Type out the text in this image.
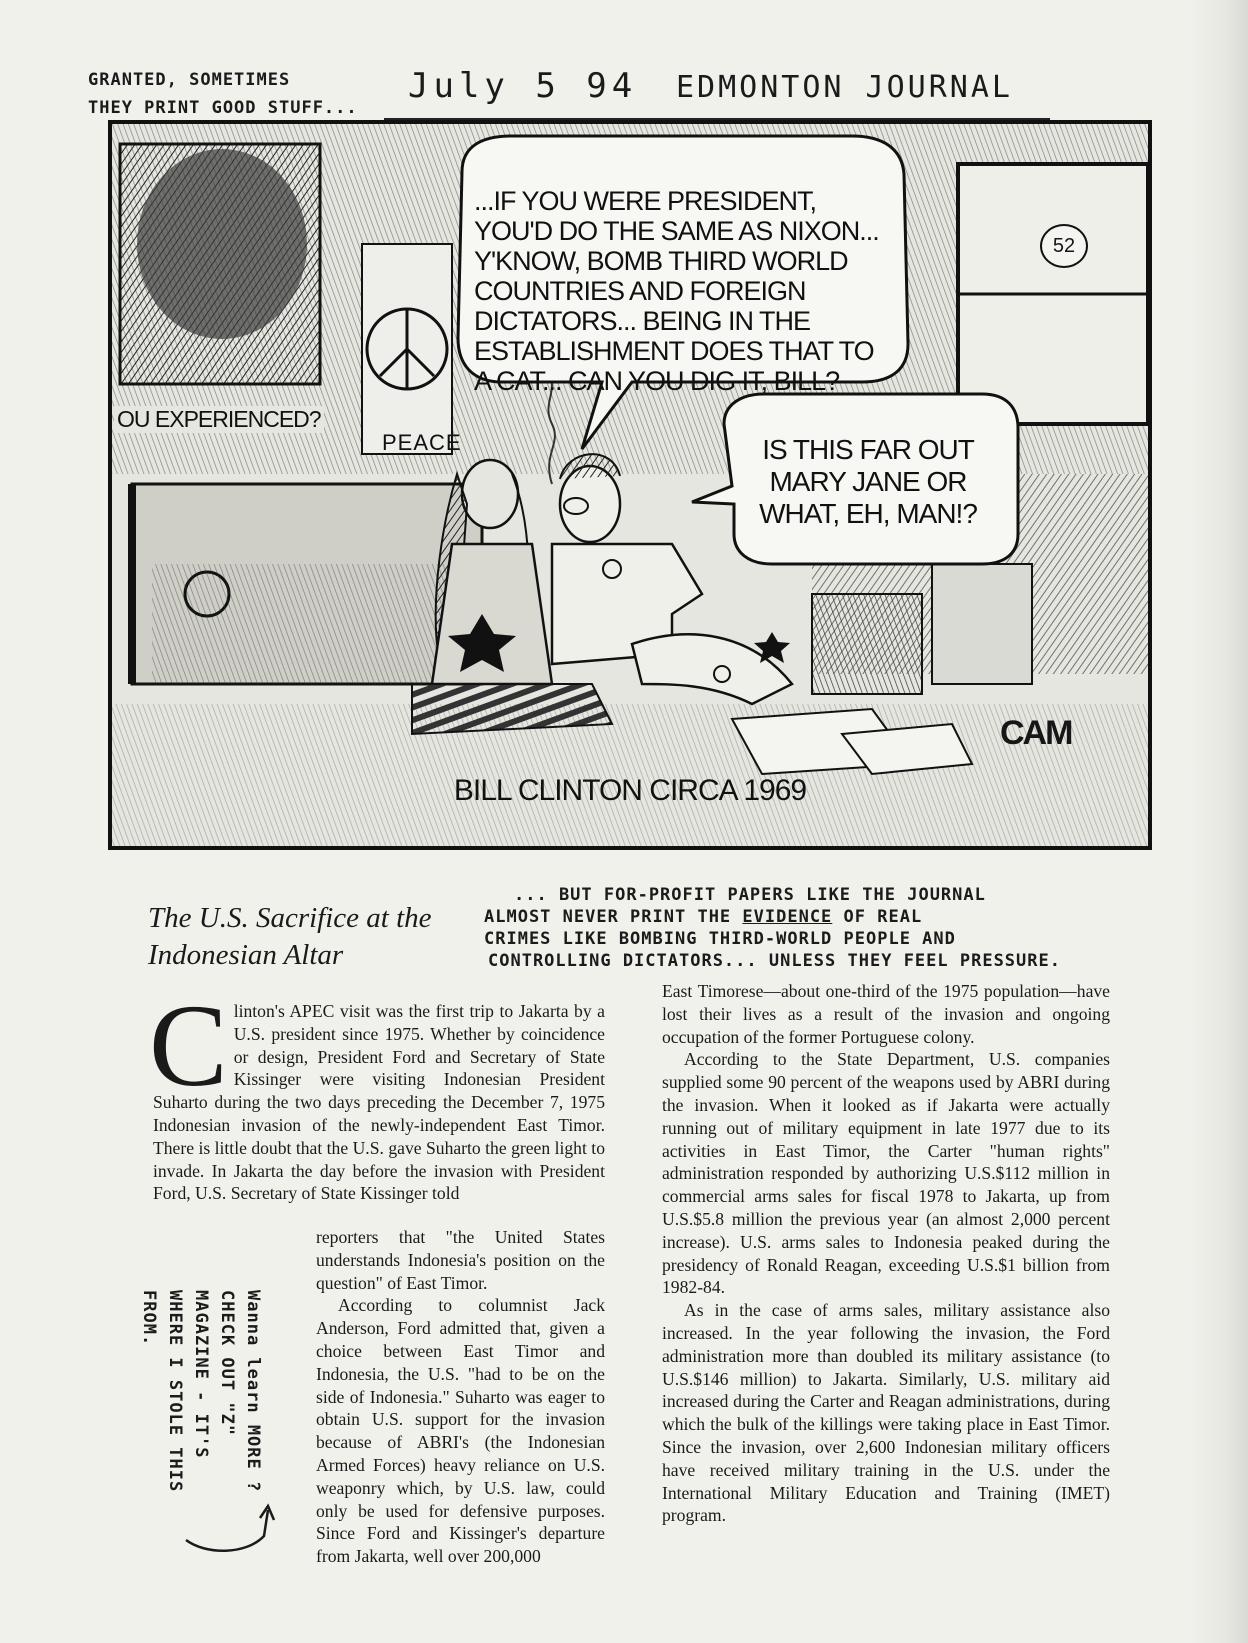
GRANTED, SOMETIMES
THEY PRINT GOOD STUFF...
July 5 94 EDMONTON JOURNAL
...IF YOU WERE PRESIDENT, YOU'D DO THE SAME AS NIXON... Y'KNOW, BOMB THIRD WORLD COUNTRIES AND FOREIGN DICTATORS... BEING IN THE ESTABLISHMENT DOES THAT TO A CAT... CAN YOU DIG IT, BILL?
IS THIS FAR OUT MARY JANE OR WHAT, EH, MAN!?
OU EXPERIENCED?
PEACE
52
CAM
BILL CLINTON CIRCA 1969
The U.S. Sacrifice at the Indonesian Altar
... BUT FOR-PROFIT PAPERS LIKE THE JOURNAL
ALMOST NEVER PRINT THE EVIDENCE OF REAL
CRIMES LIKE BOMBING THIRD-WORLD PEOPLE AND
CONTROLLING DICTATORS... UNLESS THEY FEEL PRESSURE.
C linton's APEC visit was the first trip to Jakarta by a U.S. president since 1975. Whether by coincidence or design, President Ford and Secretary of State Kissinger were visiting Indonesian President Suharto during the two days preceding the December 7, 1975 Indonesian invasion of the newly-independent East Timor. There is little doubt that the U.S. gave Suharto the green light to invade. In Jakarta the day before the invasion with President Ford, U.S. Secretary of State Kissinger told

reporters that "the United States understands Indonesia's position on the question" of East Timor.

According to columnist Jack Anderson, Ford admitted that, given a choice between East Timor and Indonesia, the U.S. "had to be on the side of Indonesia." Suharto was eager to obtain U.S. support for the invasion because of ABRI's (the Indonesian Armed Forces) heavy reliance on U.S. weaponry which, by U.S. law, could only be used for defensive purposes. Since Ford and Kissinger's departure from Jakarta, well over 200,000

East Timorese—about one-third of the 1975 population—have lost their lives as a result of the invasion and ongoing occupation of the former Portuguese colony.

According to the State Department, U.S. companies supplied some 90 percent of the weapons used by ABRI during the invasion. When it looked as if Jakarta were actually running out of military equipment in late 1977 due to its activities in East Timor, the Carter "human rights" administration responded by authorizing U.S.$112 million in commercial arms sales for fiscal 1978 to Jakarta, up from U.S.$5.8 million the previous year (an almost 2,000 percent increase). U.S. arms sales to Indonesia peaked during the presidency of Ronald Reagan, exceeding U.S.$1 billion from 1982-84.

As in the case of arms sales, military assistance also increased. In the year following the invasion, the Ford administration more than doubled its military assistance (to U.S.$146 million) to Jakarta. Similarly, U.S. military aid increased during the Carter and Reagan administrations, during which the bulk of the killings were taking place in East Timor. Since the invasion, over 2,600 Indonesian military officers have received military training in the U.S. under the International Military Education and Training (IMET) program.

Wanna learn MORE ?
CHECK OUT "Z"
MAGAZINE - IT'S
WHERE I STOLE THIS
FROM.
